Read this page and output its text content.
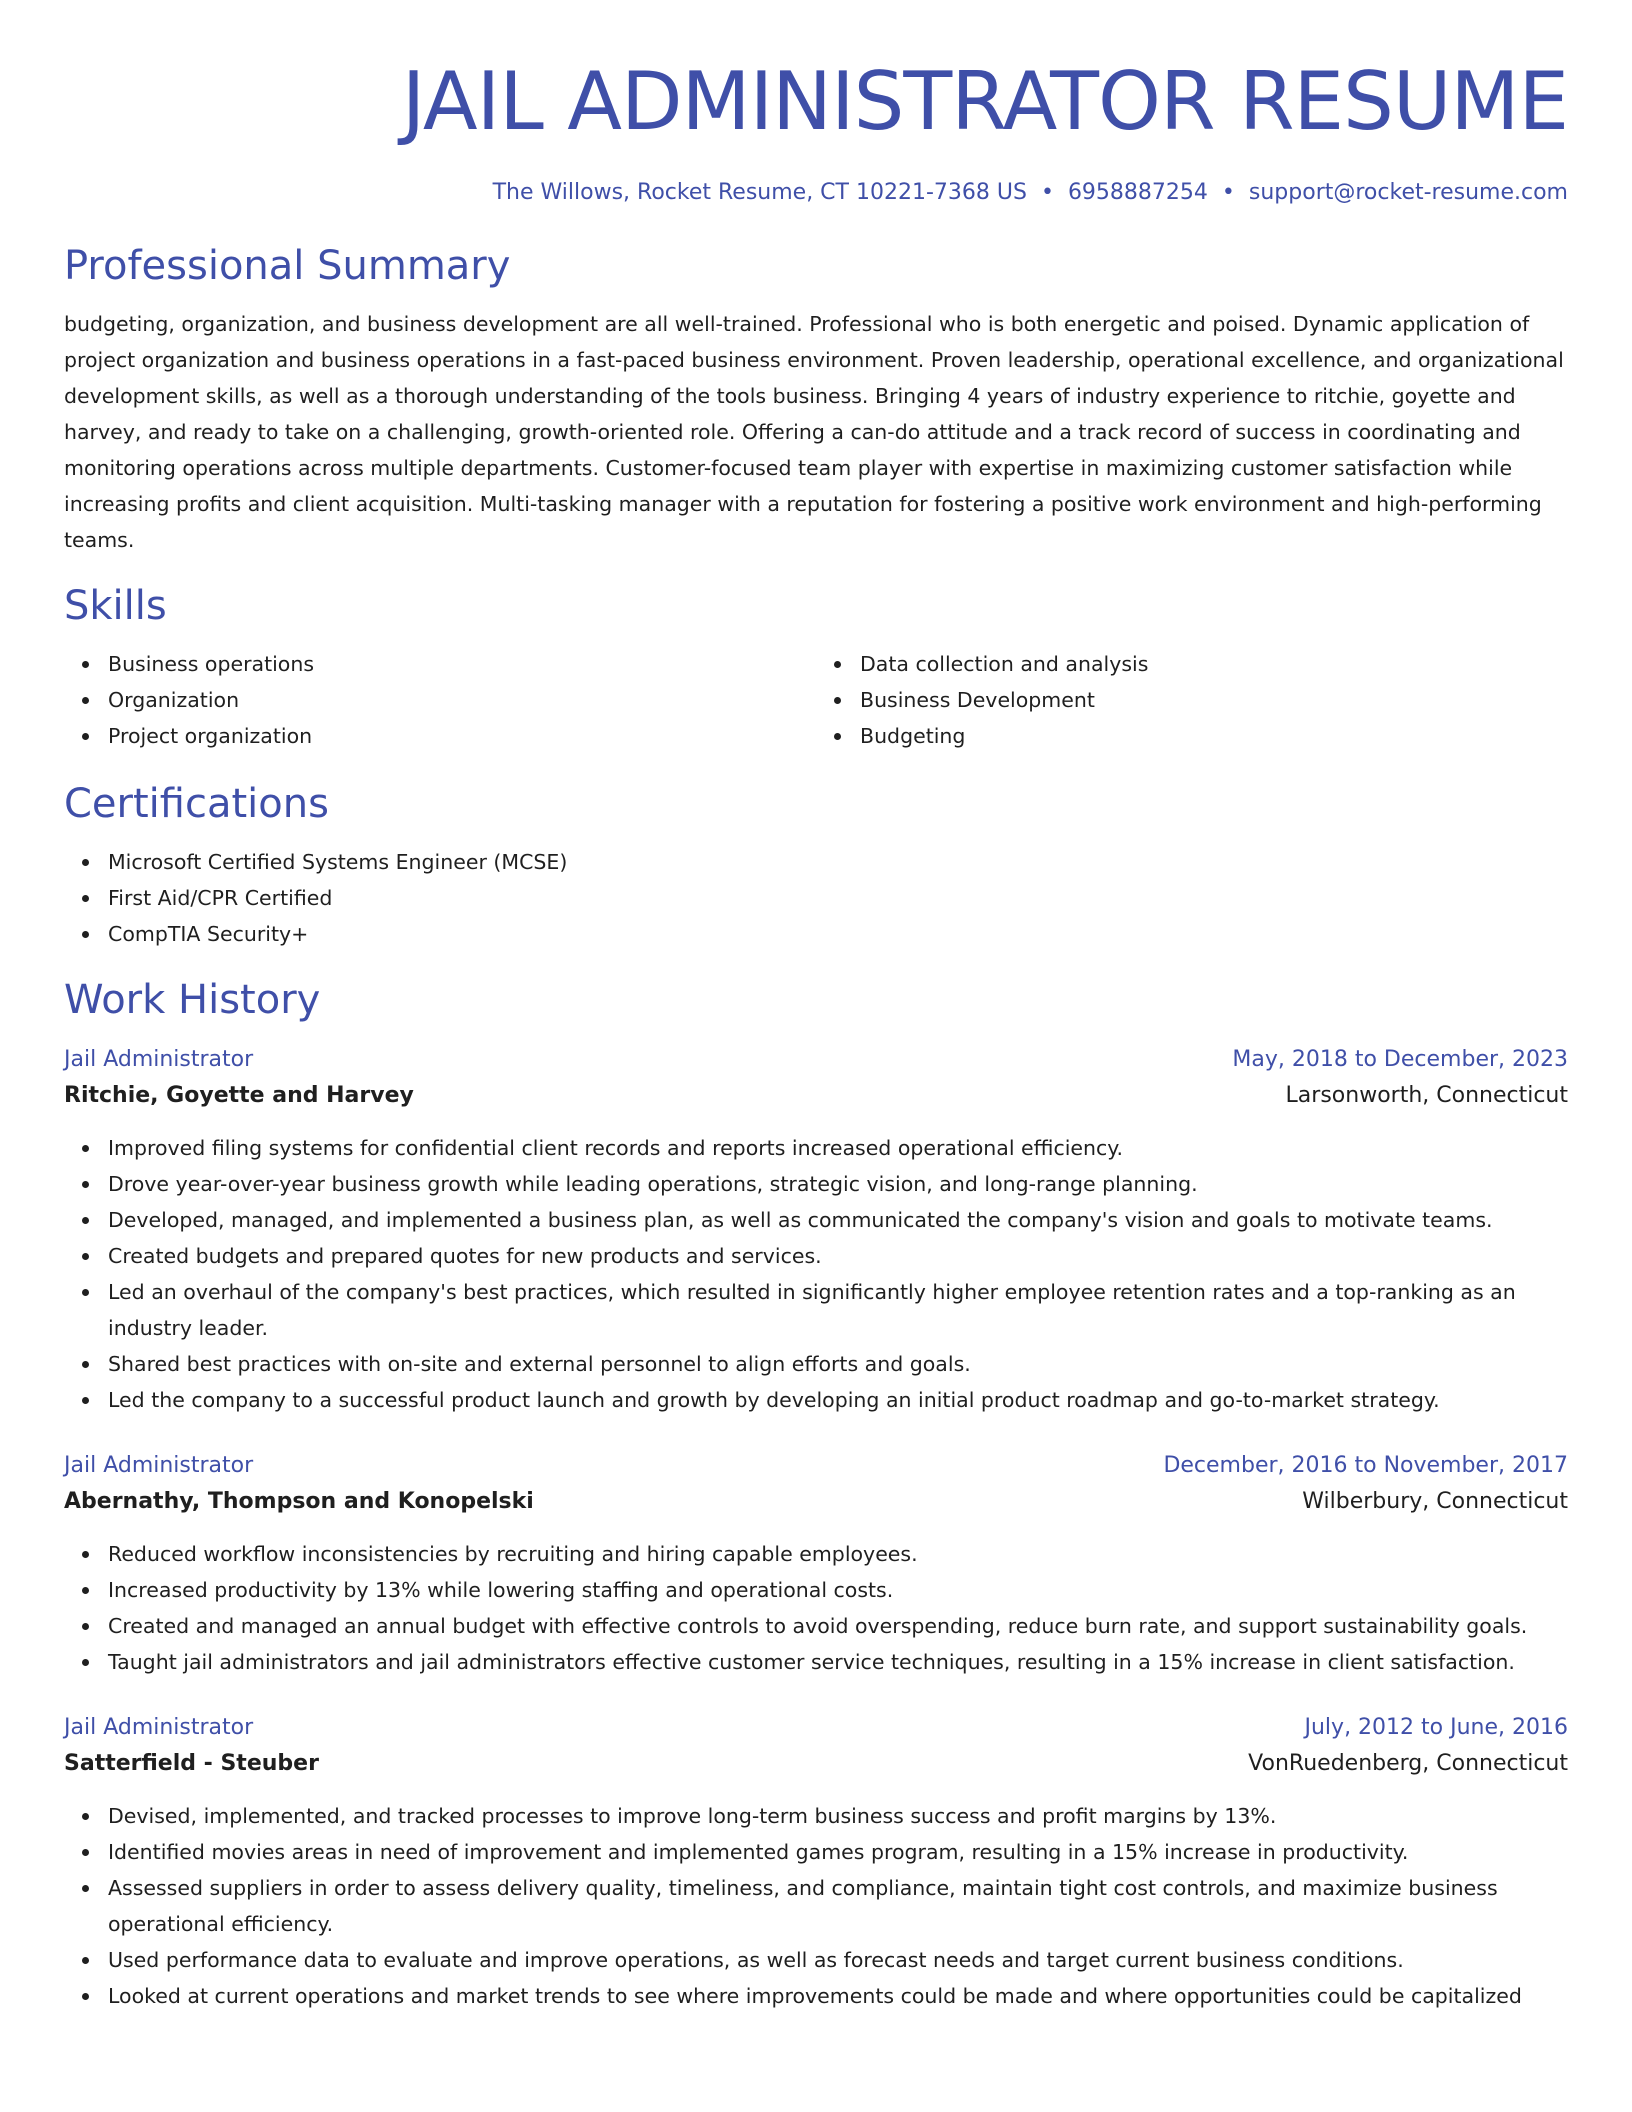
JAIL ADMINISTRATOR RESUME
The Willows, Rocket Resume, CT 10221-7368 US • 6958887254 • support@rocket-resume.com
Professional Summary

budgeting, organization, and business development are all well-trained. Professional who is both energetic and poised. Dynamic application of project organization and business operations in a fast-paced business environment. Proven leadership, operational excellence, and organizational development skills, as well as a thorough understanding of the tools business. Bringing 4 years of industry experience to ritchie, goyette and harvey, and ready to take on a challenging, growth-oriented role. Offering a can-do attitude and a track record of success in coordinating and monitoring operations across multiple departments. Customer-focused team player with expertise in maximizing customer satisfaction while increasing profits and client acquisition. Multi-tasking manager with a reputation for fostering a positive work environment and high-performing teams.

Skills
Business operations
Organization
Project organization
Data collection and analysis
Business Development
Budgeting
Certifications
Microsoft Certified Systems Engineer (MCSE)
First Aid/CPR Certified
CompTIA Security+
Work History
Jail Administrator	May, 2018 to December, 2023
Ritchie, Goyette and Harvey	Larsonworth, Connecticut
Improved filing systems for confidential client records and reports increased operational efficiency.
Drove year-over-year business growth while leading operations, strategic vision, and long-range planning.
Developed, managed, and implemented a business plan, as well as communicated the company's vision and goals to motivate teams.
Created budgets and prepared quotes for new products and services.
Led an overhaul of the company's best practices, which resulted in significantly higher employee retention rates and a top-ranking as an industry leader.
Shared best practices with on-site and external personnel to align efforts and goals.
Led the company to a successful product launch and growth by developing an initial product roadmap and go-to-market strategy.
Jail Administrator	December, 2016 to November, 2017
Abernathy, Thompson and Konopelski	Wilberbury, Connecticut
Reduced workflow inconsistencies by recruiting and hiring capable employees.
Increased productivity by 13% while lowering staffing and operational costs.
Created and managed an annual budget with effective controls to avoid overspending, reduce burn rate, and support sustainability goals.
Taught jail administrators and jail administrators effective customer service techniques, resulting in a 15% increase in client satisfaction.
Jail Administrator	July, 2012 to June, 2016
Satterfield - Steuber	VonRuedenberg, Connecticut
Devised, implemented, and tracked processes to improve long-term business success and profit margins by 13%.
Identified movies areas in need of improvement and implemented games program, resulting in a 15% increase in productivity.
Assessed suppliers in order to assess delivery quality, timeliness, and compliance, maintain tight cost controls, and maximize business operational efficiency.
Used performance data to evaluate and improve operations, as well as forecast needs and target current business conditions.
Looked at current operations and market trends to see where improvements could be made and where opportunities could be capitalized
